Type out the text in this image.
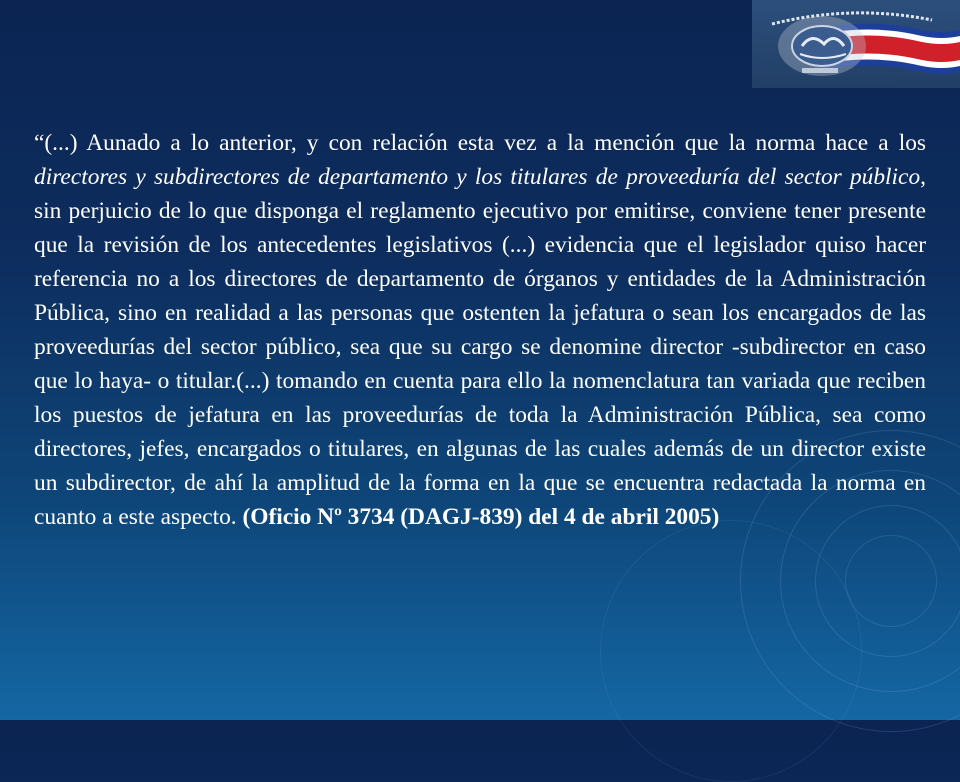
“(...) Aunado a lo anterior, y con relación esta vez a la mención que la norma hace a los directores y subdirectores de departamento y los titulares de proveeduría del sector público, sin perjuicio de lo que disponga el reglamento ejecutivo por emitirse, conviene tener presente que la revisión de los antecedentes legislativos (...) evidencia que el legislador quiso hacer referencia no a los directores de departamento de órganos y entidades de la Administración Pública, sino en realidad a las personas que ostenten la jefatura o sean los encargados de las proveedurías del sector público, sea que su cargo se denomine director -subdirector en caso que lo haya- o titular.(...) tomando en cuenta para ello la nomenclatura tan variada que reciben los puestos de jefatura en las proveedurías de toda la Administración Pública, sea como directores, jefes, encargados o titulares, en algunas de las cuales además de un director existe un subdirector, de ahí la amplitud de la forma en la que se encuentra redactada la norma en cuanto a este aspecto. (Oficio Nº 3734 (DAGJ-839) del 4 de abril 2005)
